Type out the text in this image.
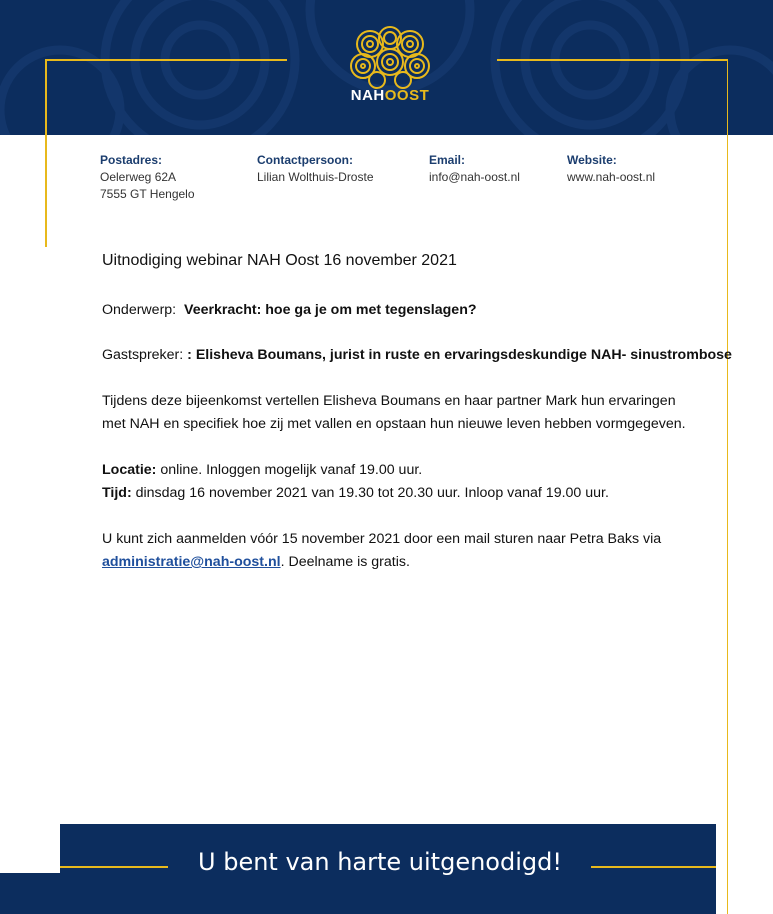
NAHOOST
Postadres:
Oelerweg 62A
7555 GT Hengelo
Contactpersoon:
Lilian Wolthuis-Droste
Email:
info@nah-oost.nl
Website:
www.nah-oost.nl
Uitnodiging webinar NAH Oost 16 november 2021
Onderwerp: Veerkracht: hoe ga je om met tegenslagen?
Gastspreker: : Elisheva Boumans, jurist in ruste en ervaringsdeskundige NAH- sinustrombose
Tijdens deze bijeenkomst vertellen Elisheva Boumans en haar partner Mark hun ervaringen
met NAH en specifiek hoe zij met vallen en opstaan hun nieuwe leven hebben vormgegeven.
Locatie: online. Inloggen mogelijk vanaf 19.00 uur.
Tijd: dinsdag 16 november 2021 van 19.30 tot 20.30 uur. Inloop vanaf 19.00 uur.
U kunt zich aanmelden vóór 15 november 2021 door een mail sturen naar Petra Baks via
administratie@nah-oost.nl. Deelname is gratis.
U bent van harte uitgenodigd!
